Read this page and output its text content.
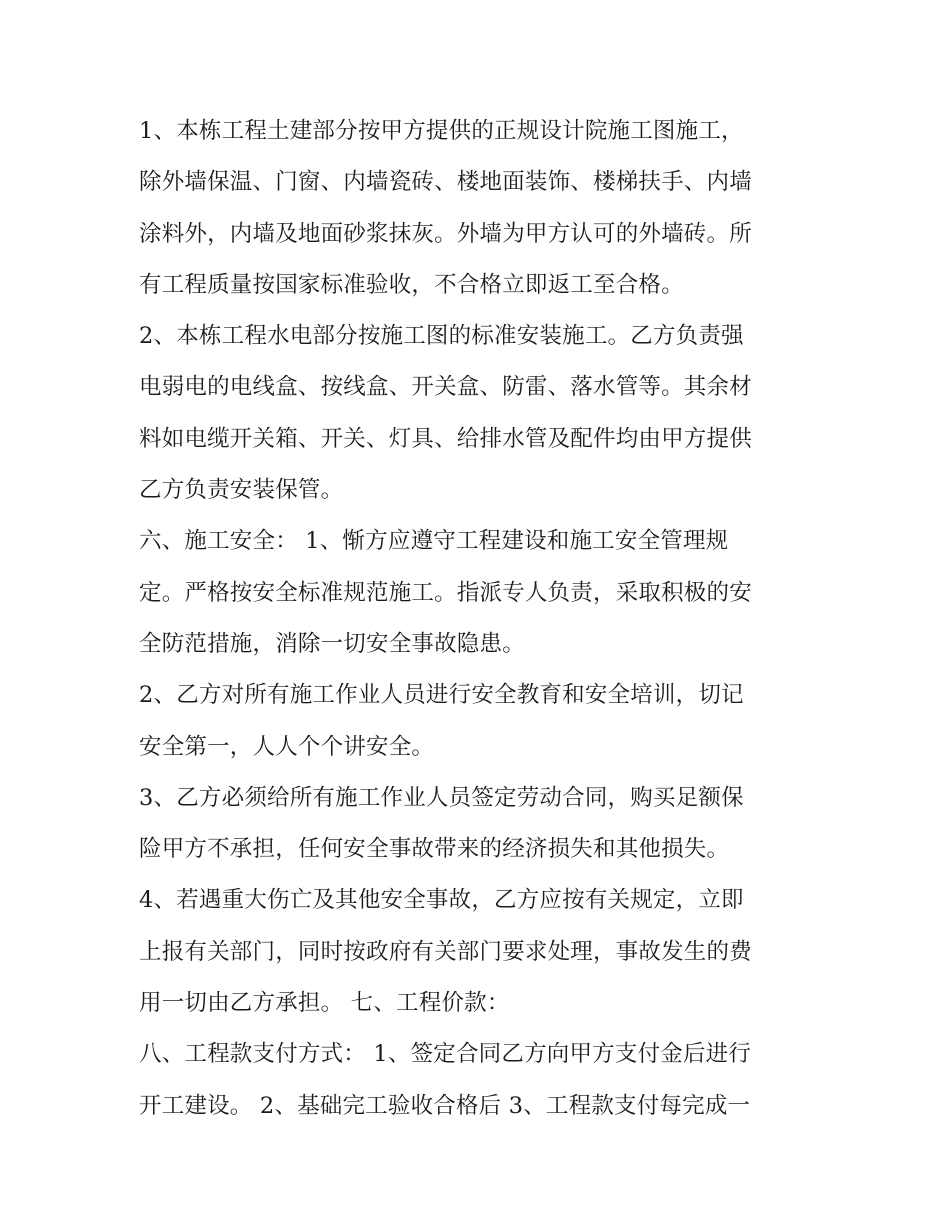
1、本栋工程土建部分按甲方提供的正规设计院施工图施工，
除外墙保温、门窗、内墙瓷砖、楼地面装饰、楼梯扶手、内墙
涂料外，内墙及地面砂浆抹灰。外墙为甲方认可的外墙砖。所
有工程质量按国家标准验收，不合格立即返工至合格。
2、本栋工程水电部分按施工图的标准安装施工。乙方负责强
电弱电的电线盒、按线盒、开关盒、防雷、落水管等。其余材
料如电缆开关箱、开关、灯具、给排水管及配件均由甲方提供
乙方负责安装保管。
六、施工安全： 1、惭方应遵守工程建设和施工安全管理规
定。严格按安全标准规范施工。指派专人负责，采取积极的安
全防范措施，消除一切安全事故隐患。
2、乙方对所有施工作业人员进行安全教育和安全培训，切记
安全第一，人人个个讲安全。
3、乙方必须给所有施工作业人员签定劳动合同，购买足额保
险甲方不承担，任何安全事故带来的经济损失和其他损失。
4、若遇重大伤亡及其他安全事故，乙方应按有关规定，立即
上报有关部门，同时按政府有关部门要求处理，事故发生的费
用一切由乙方承担。 七、工程价款：
八、工程款支付方式： 1、签定合同乙方向甲方支付金后进行
开工建设。 2、基础完工验收合格后 3、工程款支付每完成一
